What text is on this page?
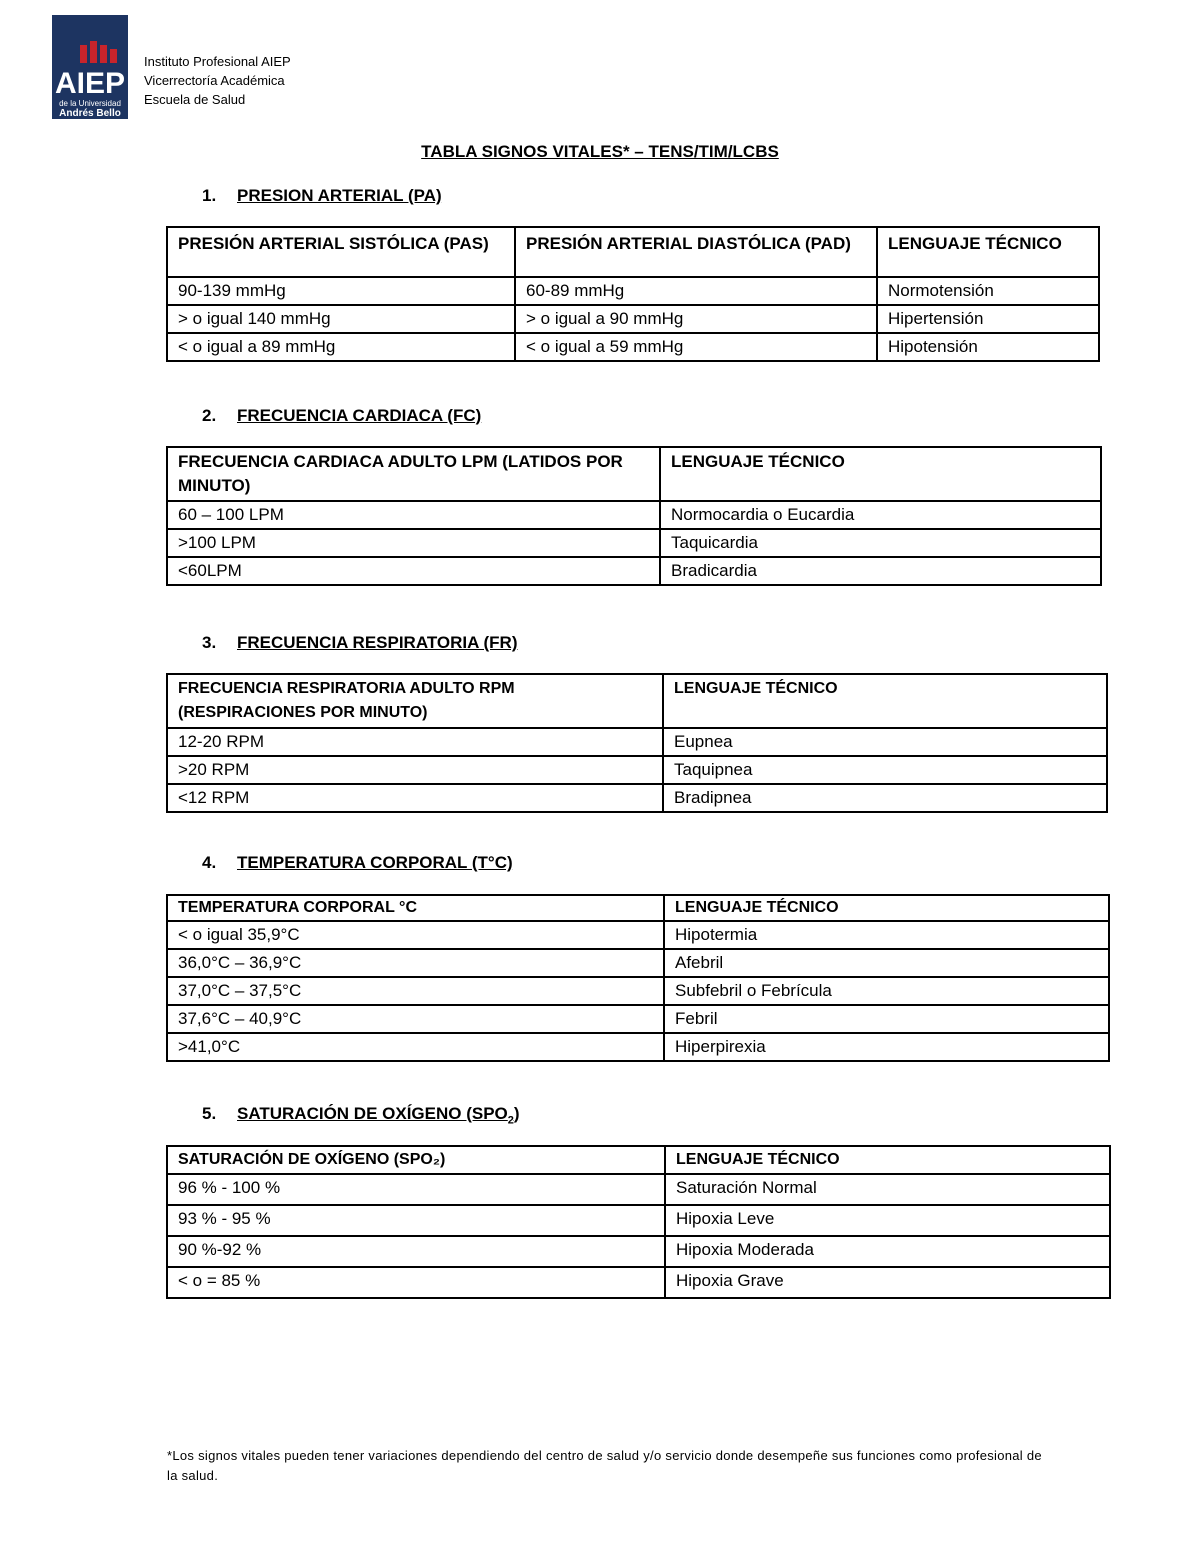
AIEP
de la Universidad
Andrés Bello
Instituto Profesional AIEP
Vicerrectoría Académica
Escuela de Salud
TABLA SIGNOS VITALES* – TENS/TIM/LCBS
1. PRESION ARTERIAL (PA)
PRESIÓN ARTERIAL SISTÓLICA (PAS)	PRESIÓN ARTERIAL DIASTÓLICA (PAD)	LENGUAJE TÉCNICO
90-139 mmHg	60-89 mmHg	Normotensión
> o igual 140 mmHg	> o igual a 90 mmHg	Hipertensión
< o igual a 89 mmHg	< o igual a 59 mmHg	Hipotensión
2. FRECUENCIA CARDIACA (FC)
FRECUENCIA CARDIACA ADULTO LPM (LATIDOS POR MINUTO)	LENGUAJE TÉCNICO
60 – 100 LPM	Normocardia o Eucardia
>100 LPM	Taquicardia
<60LPM	Bradicardia
3. FRECUENCIA RESPIRATORIA (FR)
FRECUENCIA RESPIRATORIA ADULTO RPM (RESPIRACIONES POR MINUTO)	LENGUAJE TÉCNICO
12-20 RPM	Eupnea
>20 RPM	Taquipnea
<12 RPM	Bradipnea
4. TEMPERATURA CORPORAL (T°C)
TEMPERATURA CORPORAL °C	LENGUAJE TÉCNICO
< o igual 35,9°C	Hipotermia
36,0°C – 36,9°C	Afebril
37,0°C – 37,5°C	Subfebril o Febrícula
37,6°C – 40,9°C	Febril
>41,0°C	Hiperpirexia
5. SATURACIÓN DE OXÍGENO $(SPO_2)$
SATURACIÓN DE OXÍGENO (SPO₂)	LENGUAJE TÉCNICO
96 % - 100 %	Saturación Normal
93 % - 95 %	Hipoxia Leve
90 %-92 %	Hipoxia Moderada
< o = 85 %	Hipoxia Grave
*Los signos vitales pueden tener variaciones dependiendo del centro de salud y/o servicio donde desempeñe sus funciones como profesional de la salud.
